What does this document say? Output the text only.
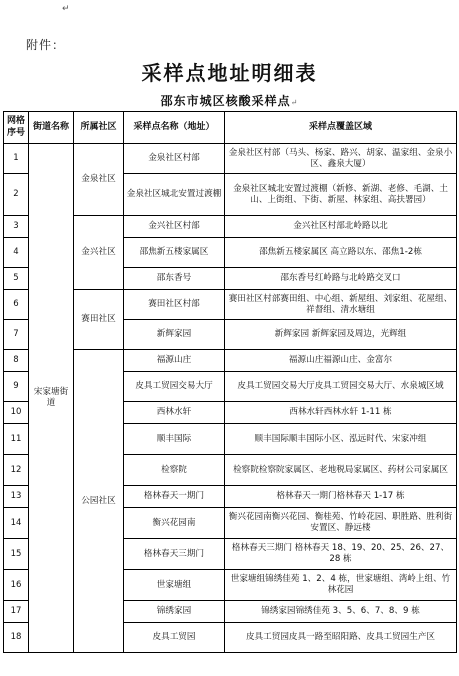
↵
附件：
采样点地址明细表
邵东市城区核酸采样点↵
网格序号	街道名称	所属社区	采样点名称（地址）	采样点覆盖区域
1	宋家塘街道	金泉社区	金泉社区村部	金泉社区村部（马头、杨家、路兴、胡家、温家组、金泉小区、鑫泉大厦）
2			金泉社区城北安置过渡棚	金泉社区城北安置过渡棚（新修、新湖、老修、毛湖、土山、上街组、下街、新屋、林家组、高扶署园）
3		金兴社区	金兴社区村部	金兴社区村部北岭路以北
4			邵焦新五楼家属区	邵焦新五楼家属区 高立路以东、邵焦1-2栋
5			邵东香号	邵东香号红岭路与北岭路交叉口
6		赛田社区	赛田社区村部	赛田社区村部赛田组、中心组、新屋组、刘家组、花屋组、祥督组、清水塘组
7			新辉家园	新辉家园 新辉家园及周边，光辉组
8		公园社区	福源山庄	福源山庄福源山庄、金富尔
9			皮具工贸园交易大厅	皮具工贸园交易大厅皮具工贸园交易大厅、水泉城区域
10			西林水轩	西林水轩西林水轩 1-11 栋
11			顺丰国际	顺丰国际顺丰国际小区、泓远时代、宋家冲组
12			检察院	检察院检察院家属区、老地税局家属区、药材公司家属区
13			格林春天一期门	格林春天一期门格林春天 1-17 栋
14			衡兴花园南	衡兴花园南衡兴花园、衡桂苑、竹岭花园、职胜路、胜利街安置区、静远楼
15			格林春天三期门	格林春天三期门 格林春天 18、19、20、25、26、27、28 栋
16			世家塘组	世家塘组锦绣佳苑 1、2、4 栋，世家塘组、湾岭上组、竹林花园
17			锦绣家园	锦绣家园锦绣佳苑 3、5、6、7、8、9 栋
18			皮具工贸园	皮具工贸园皮具一路至昭阳路、皮具工贸园生产区
